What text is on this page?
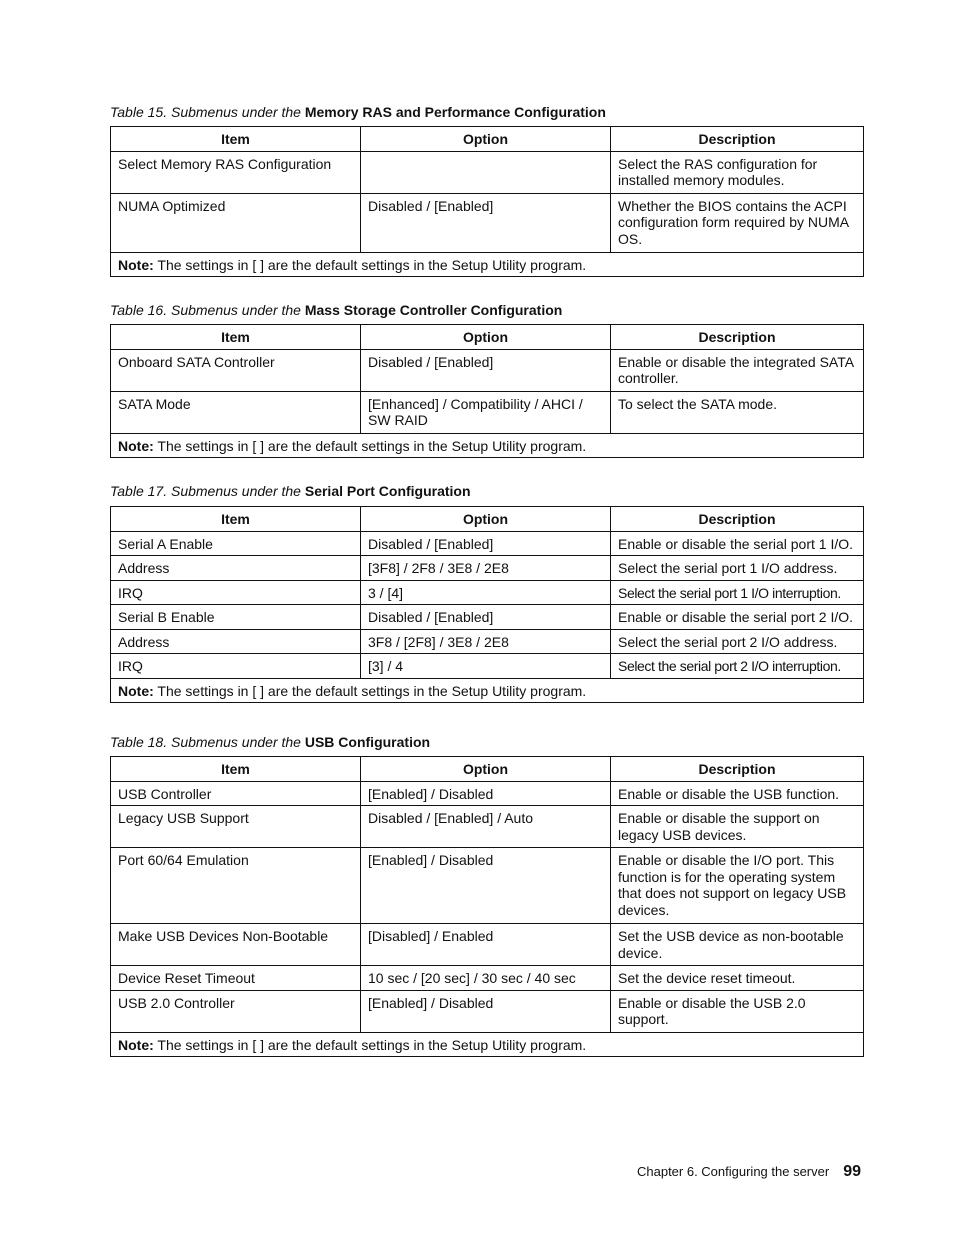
Table 15. Submenus under the Memory RAS and Performance Configuration
Item	Option	Description
Select Memory RAS Configuration		Select the RAS configuration for installed memory modules.
NUMA Optimized	Disabled / [Enabled]	Whether the BIOS contains the ACPI configuration form required by NUMA OS.
Note: The settings in [ ] are the default settings in the Setup Utility program.		
Table 16. Submenus under the Mass Storage Controller Configuration
Item	Option	Description
Onboard SATA Controller	Disabled / [Enabled]	Enable or disable the integrated SATA controller.
SATA Mode	[Enhanced] / Compatibility / AHCI / SW RAID	To select the SATA mode.
Note: The settings in [ ] are the default settings in the Setup Utility program.		
Table 17. Submenus under the Serial Port Configuration
Item	Option	Description
Serial A Enable	Disabled / [Enabled]	Enable or disable the serial port 1 I/O.
Address	[3F8] / 2F8 / 3E8 / 2E8	Select the serial port 1 I/O address.
IRQ	3 / [4]	Select the serial port 1 I/O interruption.
Serial B Enable	Disabled / [Enabled]	Enable or disable the serial port 2 I/O.
Address	3F8 / [2F8] / 3E8 / 2E8	Select the serial port 2 I/O address.
IRQ	[3] / 4	Select the serial port 2 I/O interruption.
Note: The settings in [ ] are the default settings in the Setup Utility program.		
Table 18. Submenus under the USB Configuration
Item	Option	Description
USB Controller	[Enabled] / Disabled	Enable or disable the USB function.
Legacy USB Support	Disabled / [Enabled] / Auto	Enable or disable the support on legacy USB devices.
Port 60/64 Emulation	[Enabled] / Disabled	Enable or disable the I/O port. This function is for the operating system that does not support on legacy USB devices.
Make USB Devices Non-Bootable	[Disabled] / Enabled	Set the USB device as non-bootable device.
Device Reset Timeout	10 sec / [20 sec] / 30 sec / 40 sec	Set the device reset timeout.
USB 2.0 Controller	[Enabled] / Disabled	Enable or disable the USB 2.0 support.
Note: The settings in [ ] are the default settings in the Setup Utility program.		
Chapter 6. Configuring the server 99
